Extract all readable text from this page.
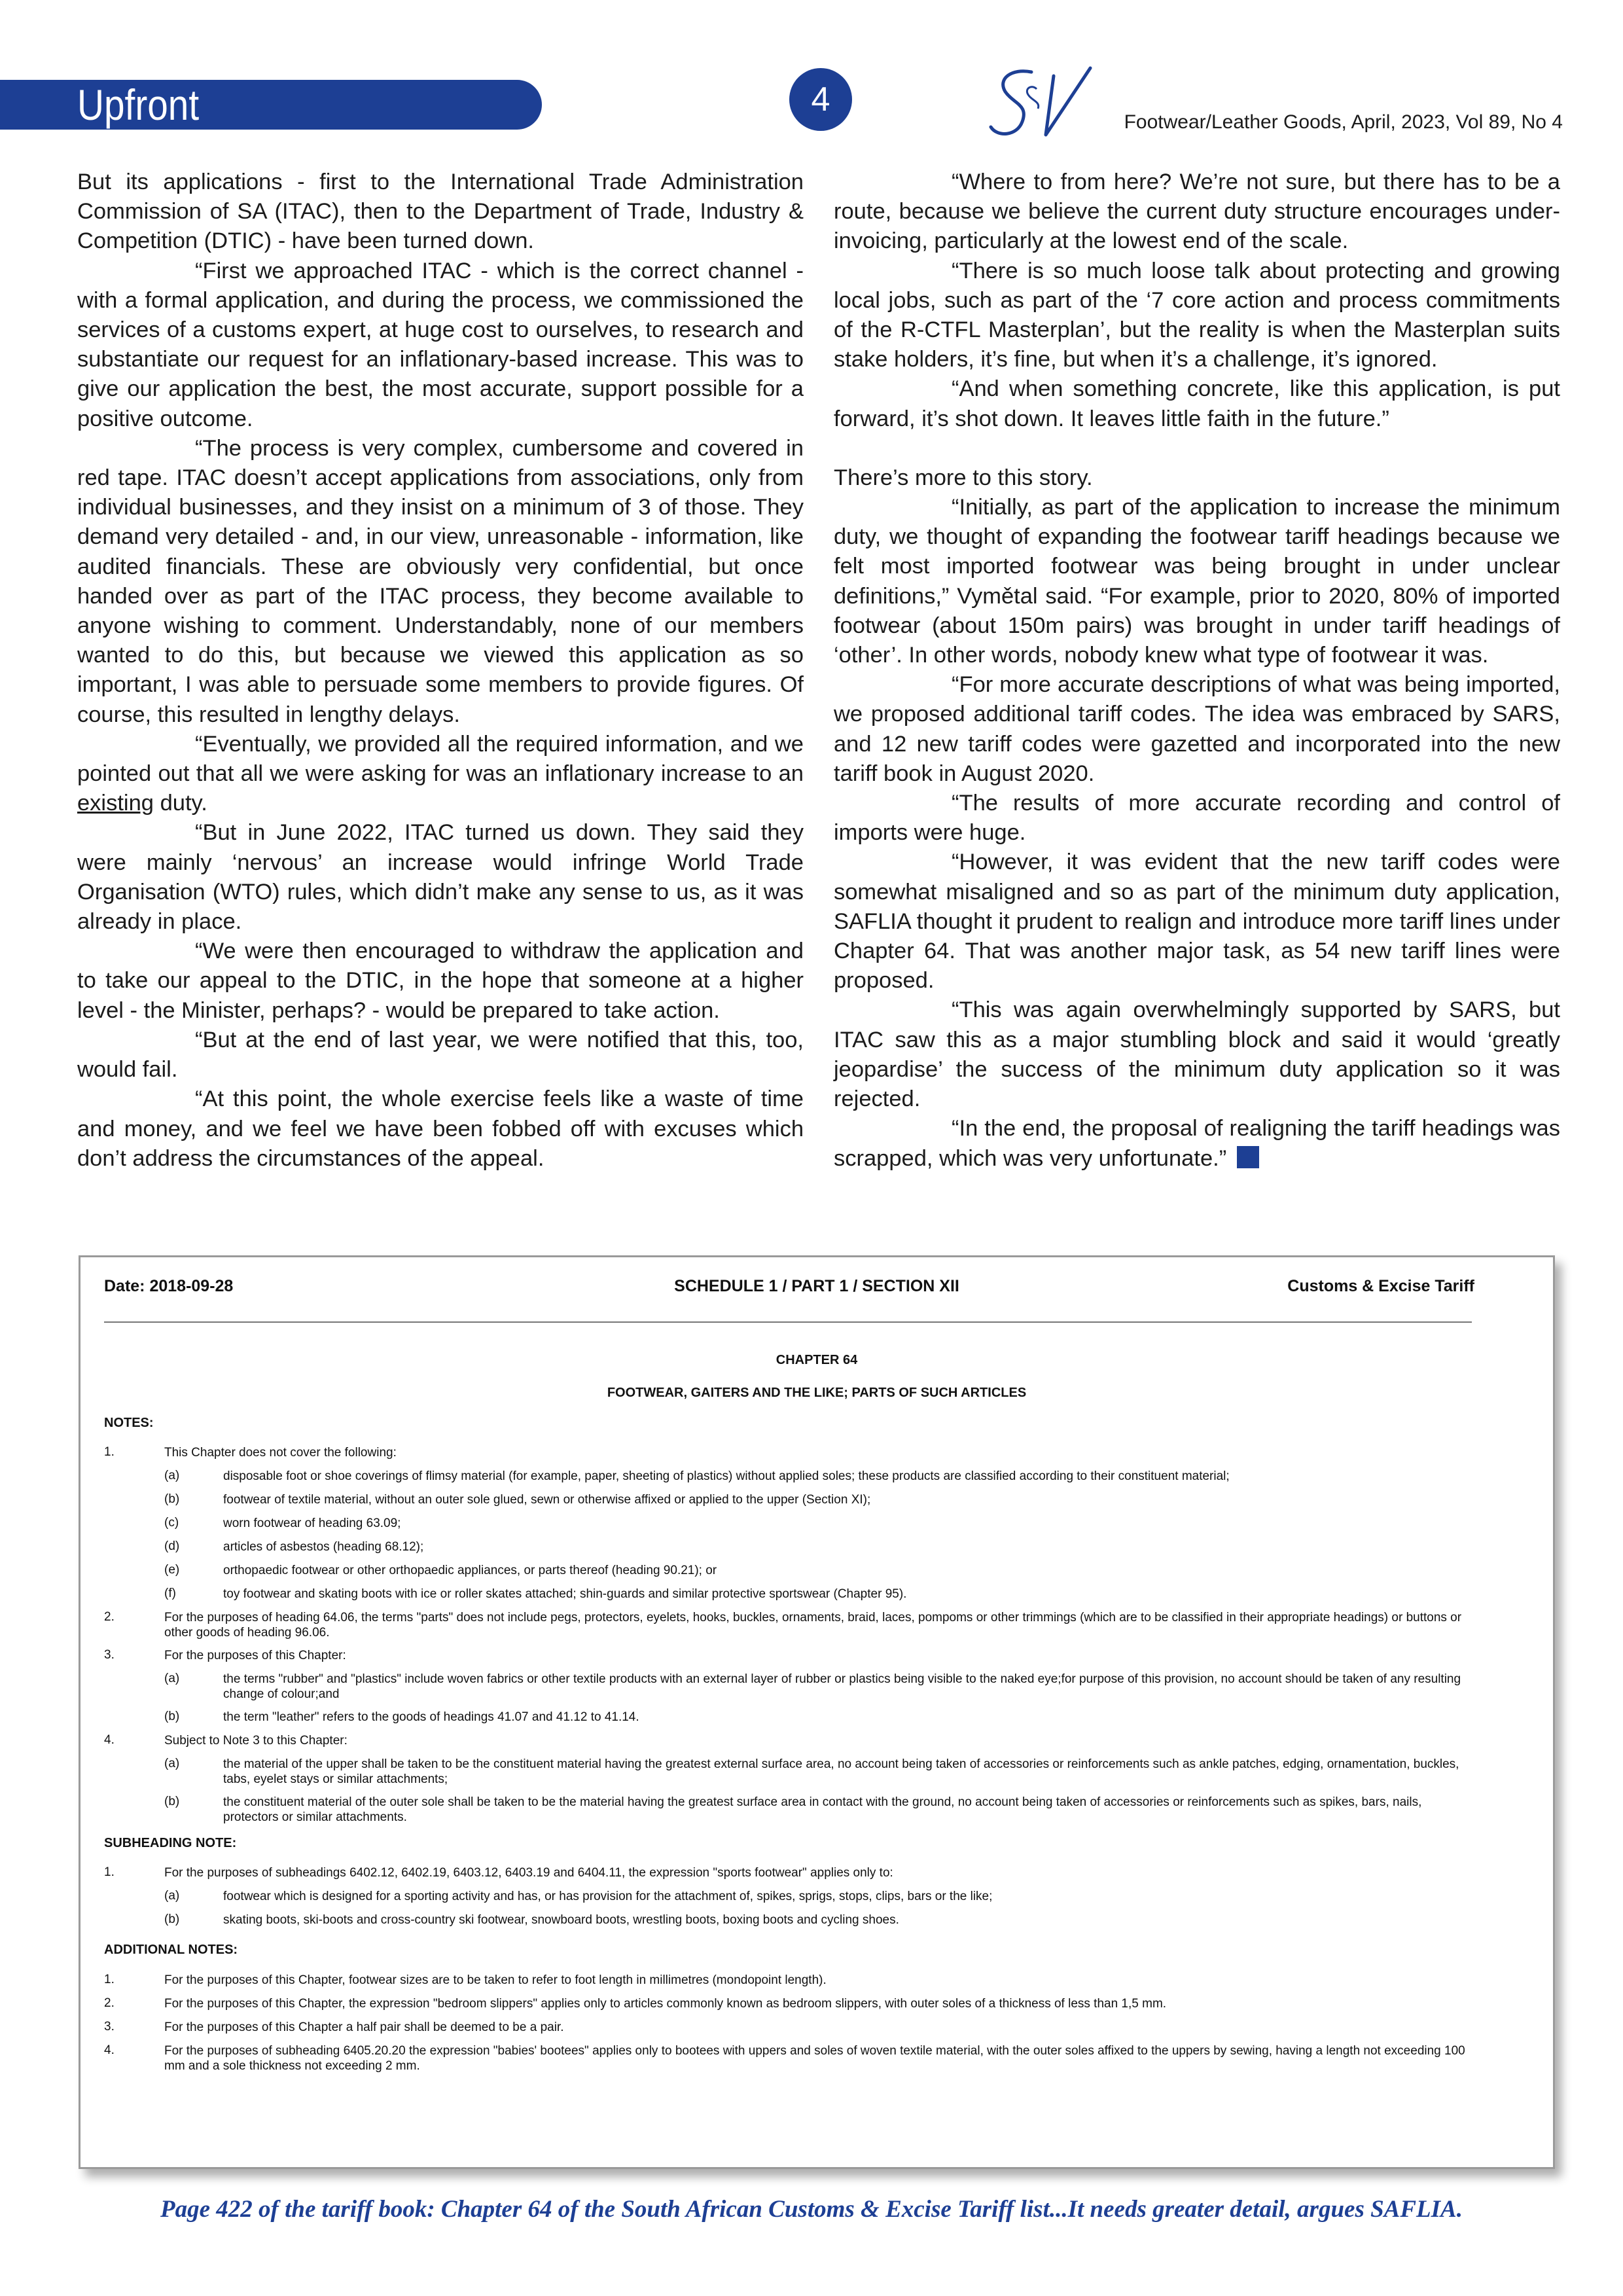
Upfront	4
Footwear/Leather Goods, April, 2023, Vol 89, No 4

But its applications - first to the International Trade Administration Commission of SA (ITAC), then to the Department of Trade, Industry & Competition (DTIC) - have been turned down.

“First we approached ITAC - which is the correct channel - with a formal application, and during the process, we commissioned the services of a customs expert, at huge cost to ourselves, to research and substantiate our request for an inflationary-based increase. This was to give our application the best, the most accurate, support possible for a positive outcome.

“The process is very complex, cumbersome and covered in red tape. ITAC doesn’t accept applications from associations, only from individual businesses, and they insist on a minimum of 3 of those. They demand very detailed - and, in our view, unreasonable - information, like audited financials. These are obviously very confidential, but once handed over as part of the ITAC process, they become available to anyone wishing to comment. Understandably, none of our members wanted to do this, but because we viewed this application as so important, I was able to persuade some members to provide figures. Of course, this resulted in lengthy delays.

“Eventually, we provided all the required information, and we pointed out that all we were asking for was an inflationary increase to an existing duty.

“But in June 2022, ITAC turned us down. They said they were mainly ‘nervous’ an increase would infringe World Trade Organisation (WTO) rules, which didn’t make any sense to us, as it was already in place.

“We were then encouraged to withdraw the application and to take our appeal to the DTIC, in the hope that someone at a higher level - the Minister, perhaps? - would be prepared to take action.

“But at the end of last year, we were notified that this, too, would fail.

“At this point, the whole exercise feels like a waste of time and money, and we feel we have been fobbed off with excuses which don’t address the circumstances of the appeal.

“Where to from here? We’re not sure, but there has to be a route, because we believe the current duty structure encourages under-invoicing, particularly at the lowest end of the scale.

“There is so much loose talk about protecting and growing local jobs, such as part of the ‘7 core action and process commitments of the R-CTFL Masterplan’, but the reality is when the Masterplan suits stake holders, it’s fine, but when it’s a challenge, it’s ignored.

“And when something concrete, like this application, is put forward, it’s shot down. It leaves little faith in the future.”

There’s more to this story.

“Initially, as part of the application to increase the minimum duty, we thought of expanding the footwear tariff headings because we felt most imported footwear was being brought in under unclear definitions,” Vymětal said. “For example, prior to 2020, 80% of imported footwear (about 150m pairs) was brought in under tariff headings of ‘other’. In other words, nobody knew what type of footwear it was.

“For more accurate descriptions of what was being imported, we proposed additional tariff codes. The idea was embraced by SARS, and 12 new tariff codes were gazetted and incorporated into the new tariff book in August 2020.

“The results of more accurate recording and control of imports were huge.

“However, it was evident that the new tariff codes were somewhat misaligned and so as part of the minimum duty application, SAFLIA thought it prudent to realign and introduce more tariff lines under Chapter 64. That was another major task, as 54 new tariff lines were proposed.

“This was again overwhelmingly supported by SARS, but ITAC saw this as a major stumbling block and said it would ‘greatly jeopardise’ the success of the minimum duty application so it was rejected.

“In the end, the proposal of realigning the tariff headings was scrapped, which was very unfortunate.”

Date: 2018-09-28	SCHEDULE 1 / PART 1 / SECTION XII	Customs & Excise Tariff
CHAPTER 64
FOOTWEAR, GAITERS AND THE LIKE; PARTS OF SUCH ARTICLES
NOTES:
1.	This Chapter does not cover the following:
(a)	disposable foot or shoe coverings of flimsy material (for example, paper, sheeting of plastics) without applied soles; these products are classified according to their constituent material;
(b)	footwear of textile material, without an outer sole glued, sewn or otherwise affixed or applied to the upper (Section XI);
(c)	worn footwear of heading 63.09;
(d)	articles of asbestos (heading 68.12);
(e)	orthopaedic footwear or other orthopaedic appliances, or parts thereof (heading 90.21); or
(f)	toy footwear and skating boots with ice or roller skates attached; shin-guards and similar protective sportswear (Chapter 95).
2.	For the purposes of heading 64.06, the terms "parts" does not include pegs, protectors, eyelets, hooks, buckles, ornaments, braid, laces, pompoms or other trimmings (which are to be classified in their appropriate headings) or buttons or other goods of heading 96.06.
3.	For the purposes of this Chapter:
(a)	the terms "rubber" and "plastics" include woven fabrics or other textile products with an external layer of rubber or plastics being visible to the naked eye;for purpose of this provision, no account should be taken of any resulting change of colour;and
(b)	the term "leather" refers to the goods of headings 41.07 and 41.12 to 41.14.
4.	Subject to Note 3 to this Chapter:
(a)	the material of the upper shall be taken to be the constituent material having the greatest external surface area, no account being taken of accessories or reinforcements such as ankle patches, edging, ornamentation, buckles, tabs, eyelet stays or similar attachments;
(b)	the constituent material of the outer sole shall be taken to be the material having the greatest surface area in contact with the ground, no account being taken of accessories or reinforcements such as spikes, bars, nails, protectors or similar attachments.
SUBHEADING NOTE:
1.	For the purposes of subheadings 6402.12, 6402.19, 6403.12, 6403.19 and 6404.11, the expression "sports footwear" applies only to:
(a)	footwear which is designed for a sporting activity and has, or has provision for the attachment of, spikes, sprigs, stops, clips, bars or the like;
(b)	skating boots, ski-boots and cross-country ski footwear, snowboard boots, wrestling boots, boxing boots and cycling shoes.
ADDITIONAL NOTES:
1.	For the purposes of this Chapter, footwear sizes are to be taken to refer to foot length in millimetres (mondopoint length).
2.	For the purposes of this Chapter, the expression "bedroom slippers" applies only to articles commonly known as bedroom slippers, with outer soles of a thickness of less than 1,5 mm.
3.	For the purposes of this Chapter a half pair shall be deemed to be a pair.
4.	For the purposes of subheading 6405.20.20 the expression "babies' bootees" applies only to bootees with uppers and soles of woven textile material, with the outer soles affixed to the uppers by sewing, having a length not exceeding 100 mm and a sole thickness not exceeding 2 mm.
Page 422 of the tariff book: Chapter 64 of the South African Customs & Excise Tariff list...It needs greater detail, argues SAFLIA.
